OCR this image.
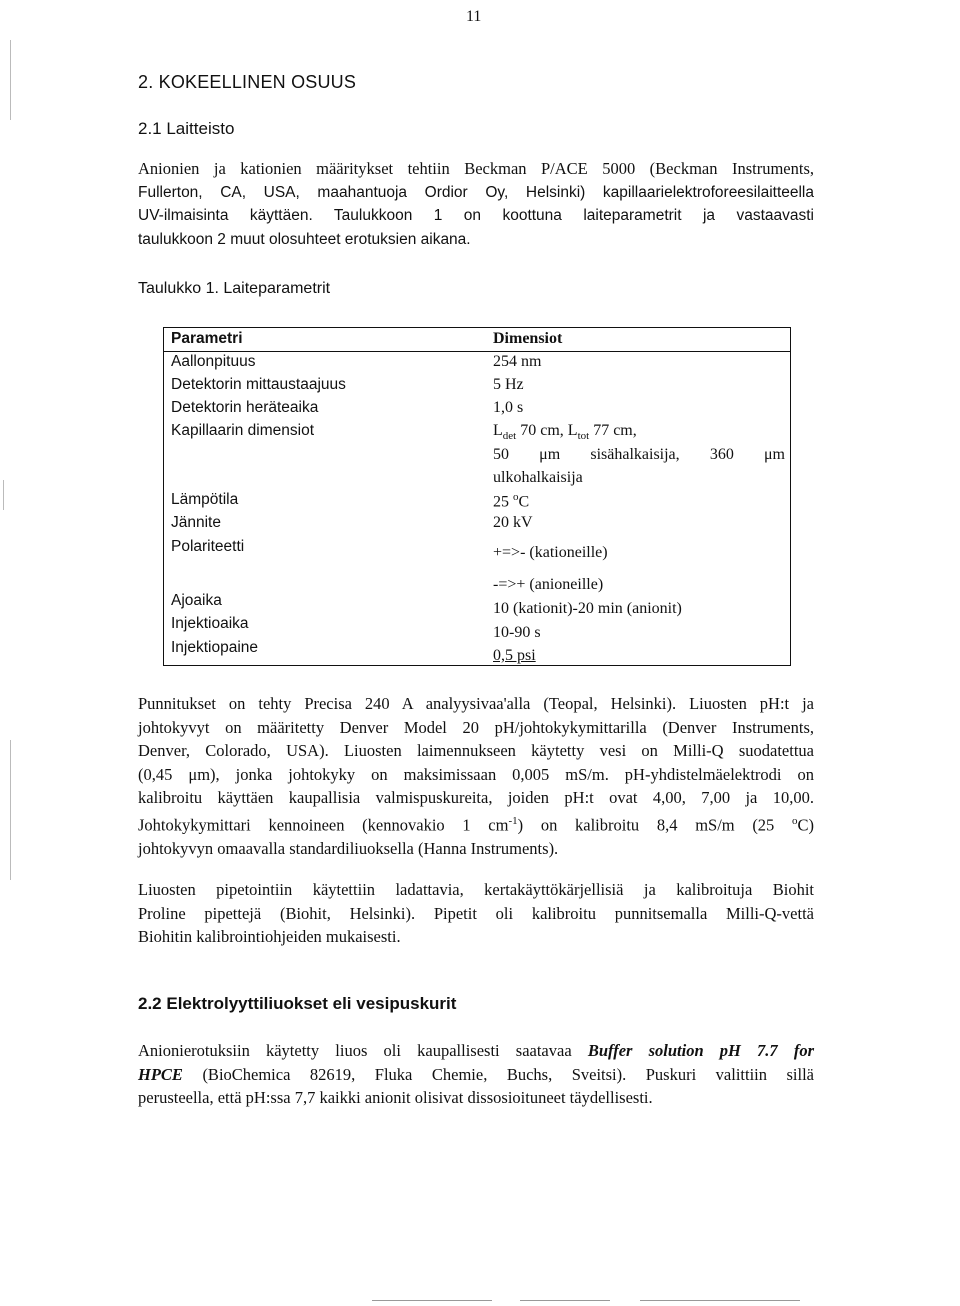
11
2. KOKEELLINEN OSUUS
2.1 Laitteisto
Anionien ja kationien määritykset tehtiin Beckman P/ACE 5000 (Beckman Instruments,
Fullerton, CA, USA, maahantuoja Ordior Oy, Helsinki) kapillaarielektroforeesilaitteella
UV-ilmaisinta käyttäen. Taulukkoon 1 on koottuna laiteparametrit ja vastaavasti
taulukkoon 2 muut olosuhteet erotuksien aikana.
Taulukko 1. Laiteparametrit
Parametri	Dimensiot
Aallonpituus
Detektorin mittaustaajuus
Detektorin heräteaika
Kapillaarin dimensiot
Lämpötila
Jännite
Polariteetti
Ajoaika
Injektioaika
Injektiopaine
254 nm
5 Hz
1,0 s
$L_{det}$ 70 cm, $L_{tot}$ 77 cm,
50 μm sisähalkaisija, 360 μm
ulkohalkaisija
25 $^o$C
20 kV
+=>- (kationeille)
-=>+ (anioneille)
10 (kationit)-20 min (anionit)
10-90 s
0,5 psi
Punnitukset on tehty Precisa 240 A analyysivaa'alla (Teopal, Helsinki). Liuosten pH:t ja
johtokyvyt on määritetty Denver Model 20 pH/johtokykymittarilla (Denver Instruments,
Denver, Colorado, USA). Liuosten laimennukseen käytetty vesi on Milli-Q suodatettua
(0,45 μm), jonka johtokyky on maksimissaan 0,005 mS/m. pH-yhdistelmäelektrodi on
kalibroitu käyttäen kaupallisia valmispuskureita, joiden pH:t ovat 4,00, 7,00 ja 10,00.
Johtokykymittari kennoineen (kennovakio 1 $cm^{-1}$) on kalibroitu 8,4 mS/m (25 $^o$C)
johtokyvyn omaavalla standardiliuoksella (Hanna Instruments).
Liuosten pipetointiin käytettiin ladattavia, kertakäyttökärjellisiä ja kalibroituja Biohit
Proline pipettejä (Biohit, Helsinki). Pipetit oli kalibroitu punnitsemalla Milli-Q-vettä
Biohitin kalibrointiohjeiden mukaisesti.
2.2 Elektrolyyttiliuokset eli vesipuskurit
Anionierotuksiin käytetty liuos oli kaupallisesti saatavaa Buffer solution pH 7.7 for
HPCE (BioChemica 82619, Fluka Chemie, Buchs, Sveitsi). Puskuri valittiin sillä
perusteella, että pH:ssa 7,7 kaikki anionit olisivat dissosioituneet täydellisesti.
